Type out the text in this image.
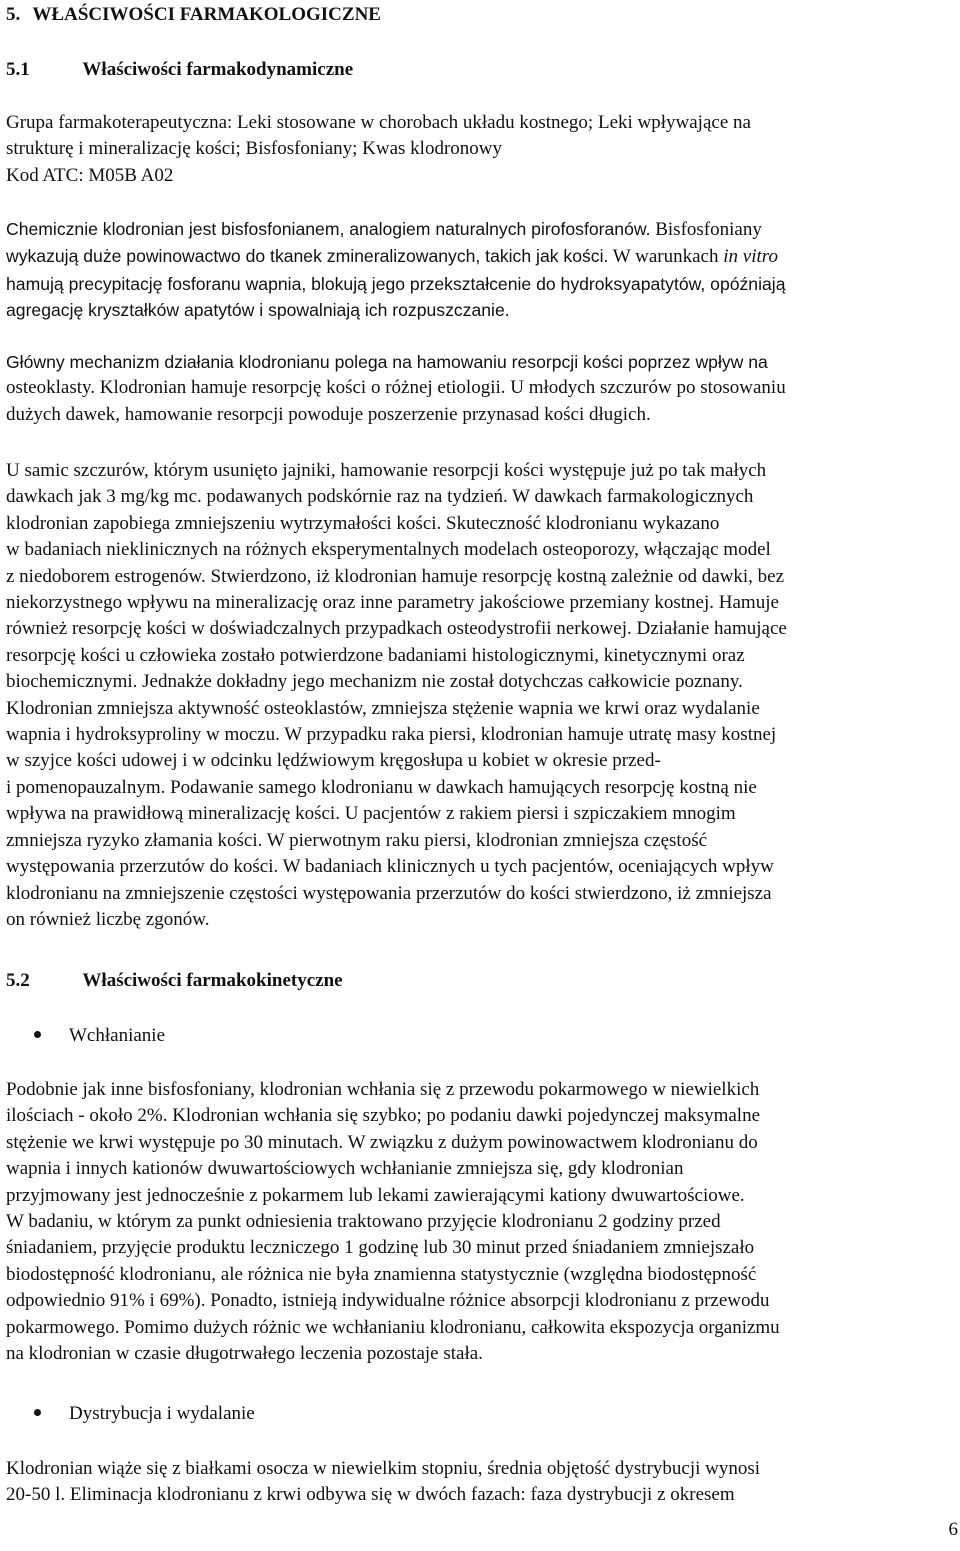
5. WŁAŚCIWOŚCI FARMAKOLOGICZNE
5.1	Właściwości farmakodynamiczne
Grupa farmakoterapeutyczna: Leki stosowane w chorobach układu kostnego; Leki wpływające na
strukturę i mineralizację kości; Bisfosfoniany; Kwas klodronowy
Kod ATC: M05B A02
Chemicznie klodronian jest bisfosfonianem, analogiem naturalnych pirofosforanów. Bisfosfoniany
wykazują duże powinowactwo do tkanek zmineralizowanych, takich jak kości. W warunkach in vitro
hamują precypitację fosforanu wapnia, blokują jego przekształcenie do hydroksyapatytów, opóźniają
agregację kryształków apatytów i spowalniają ich rozpuszczanie.
Główny mechanizm działania klodronianu polega na hamowaniu resorpcji kości poprzez wpływ na
osteoklasty. Klodronian hamuje resorpcję kości o różnej etiologii. U młodych szczurów po stosowaniu
dużych dawek, hamowanie resorpcji powoduje poszerzenie przynasad kości długich.
U samic szczurów, którym usunięto jajniki, hamowanie resorpcji kości występuje już po tak małych
dawkach jak 3 mg/kg mc. podawanych podskórnie raz na tydzień. W dawkach farmakologicznych
klodronian zapobiega zmniejszeniu wytrzymałości kości. Skuteczność klodronianu wykazano
w badaniach nieklinicznych na różnych eksperymentalnych modelach osteoporozy, włączając model
z niedoborem estrogenów. Stwierdzono, iż klodronian hamuje resorpcję kostną zależnie od dawki, bez
niekorzystnego wpływu na mineralizację oraz inne parametry jakościowe przemiany kostnej. Hamuje
również resorpcję kości w doświadczalnych przypadkach osteodystrofii nerkowej. Działanie hamujące
resorpcję kości u człowieka zostało potwierdzone badaniami histologicznymi, kinetycznymi oraz
biochemicznymi. Jednakże dokładny jego mechanizm nie został dotychczas całkowicie poznany.
Klodronian zmniejsza aktywność osteoklastów, zmniejsza stężenie wapnia we krwi oraz wydalanie
wapnia i hydroksyproliny w moczu. W przypadku raka piersi, klodronian hamuje utratę masy kostnej
w szyjce kości udowej i w odcinku lędźwiowym kręgosłupa u kobiet w okresie przed-
i pomenopauzalnym. Podawanie samego klodronianu w dawkach hamujących resorpcję kostną nie
wpływa na prawidłową mineralizację kości. U pacjentów z rakiem piersi i szpiczakiem mnogim
zmniejsza ryzyko złamania kości. W pierwotnym raku piersi, klodronian zmniejsza częstość
występowania przerzutów do kości. W badaniach klinicznych u tych pacjentów, oceniających wpływ
klodronianu na zmniejszenie częstości występowania przerzutów do kości stwierdzono, iż zmniejsza
on również liczbę zgonów.
5.2	Właściwości farmakokinetyczne
Wchłanianie
Podobnie jak inne bisfosfoniany, klodronian wchłania się z przewodu pokarmowego w niewielkich
ilościach - około 2%. Klodronian wchłania się szybko; po podaniu dawki pojedynczej maksymalne
stężenie we krwi występuje po 30 minutach. W związku z dużym powinowactwem klodronianu do
wapnia i innych kationów dwuwartościowych wchłanianie zmniejsza się, gdy klodronian
przyjmowany jest jednocześnie z pokarmem lub lekami zawierającymi kationy dwuwartościowe.
W badaniu, w którym za punkt odniesienia traktowano przyjęcie klodronianu 2 godziny przed
śniadaniem, przyjęcie produktu leczniczego 1 godzinę lub 30 minut przed śniadaniem zmniejszało
biodostępność klodronianu, ale różnica nie była znamienna statystycznie (względna biodostępność
odpowiednio 91% i 69%). Ponadto, istnieją indywidualne różnice absorpcji klodronianu z przewodu
pokarmowego. Pomimo dużych różnic we wchłanianiu klodronianu, całkowita ekspozycja organizmu
na klodronian w czasie długotrwałego leczenia pozostaje stała.
Dystrybucja i wydalanie
Klodronian wiąże się z białkami osocza w niewielkim stopniu, średnia objętość dystrybucji wynosi
20-50 l. Eliminacja klodronianu z krwi odbywa się w dwóch fazach: faza dystrybucji z okresem
6
